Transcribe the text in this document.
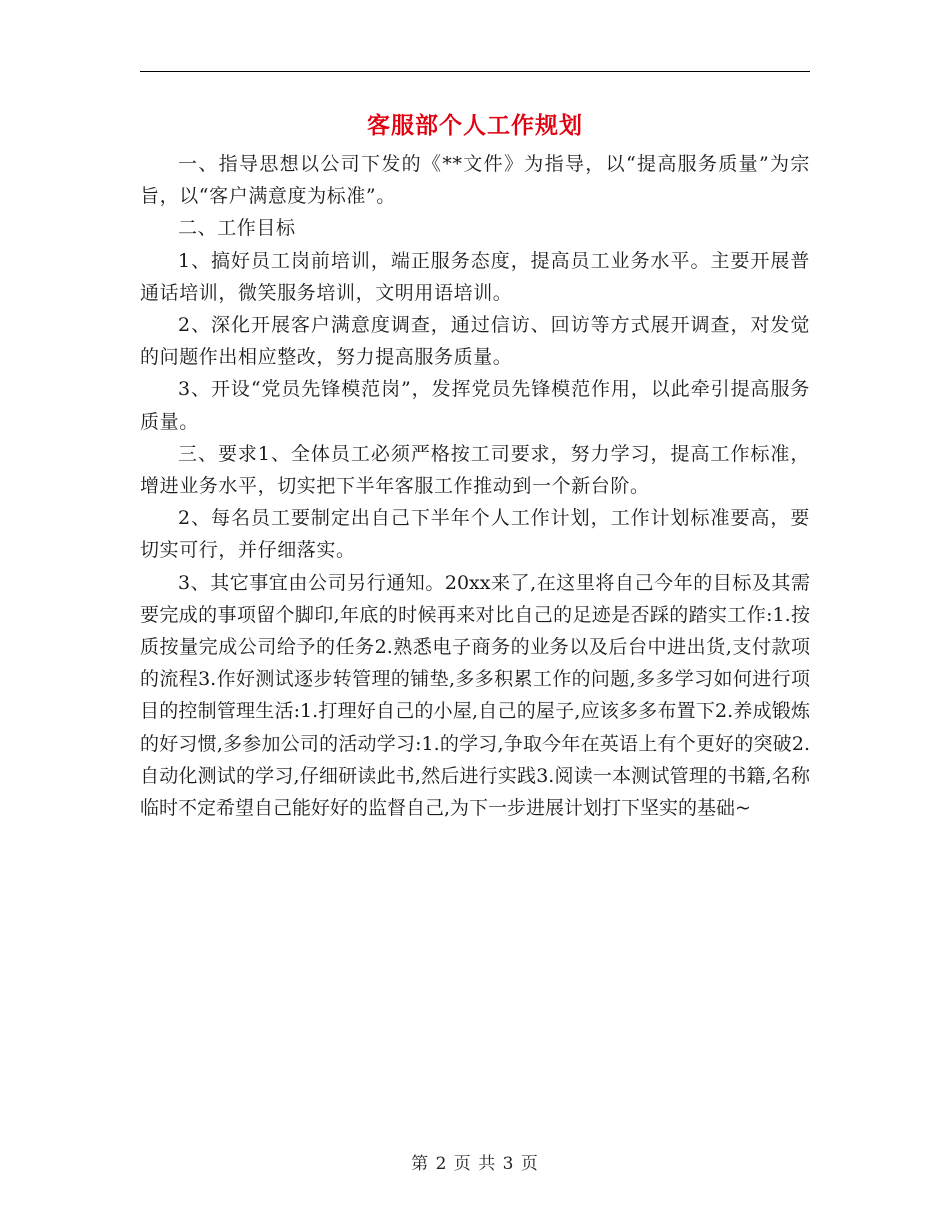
客服部个人工作规划

一、指导思想以公司下发的《**文件》为指导，以“提高服务质量”为宗旨，以“客户满意度为标准”。

二、工作目标

1、搞好员工岗前培训，端正服务态度，提高员工业务水平。主要开展普通话培训，微笑服务培训，文明用语培训。

2、深化开展客户满意度调查，通过信访、回访等方式展开调查，对发觉的问题作出相应整改，努力提高服务质量。

3、开设“党员先锋模范岗”，发挥党员先锋模范作用，以此牵引提高服务质量。

三、要求1、全体员工必须严格按工司要求，努力学习，提高工作标准，增进业务水平，切实把下半年客服工作推动到一个新台阶。

2、每名员工要制定出自己下半年个人工作计划，工作计划标准要高，要切实可行，并仔细落实。

3、其它事宜由公司另行通知。20xx来了,在这里将自己今年的目标及其需要完成的事项留个脚印,年底的时候再来对比自己的足迹是否踩的踏实工作:1.按质按量完成公司给予的任务2.熟悉电子商务的业务以及后台中进出货,支付款项的流程3.作好测试逐步转管理的铺垫,多多积累工作的问题,多多学习如何进行项目的控制管理生活:1.打理好自己的小屋,自己的屋子,应该多多布置下2.养成锻炼的好习惯,多参加公司的活动学习:1.的学习,争取今年在英语上有个更好的突破2.自动化测试的学习,仔细研读此书,然后进行实践3.阅读一本测试管理的书籍,名称临时不定希望自己能好好的监督自己,为下一步进展计划打下坚实的基础~

第 2 页 共 3 页
